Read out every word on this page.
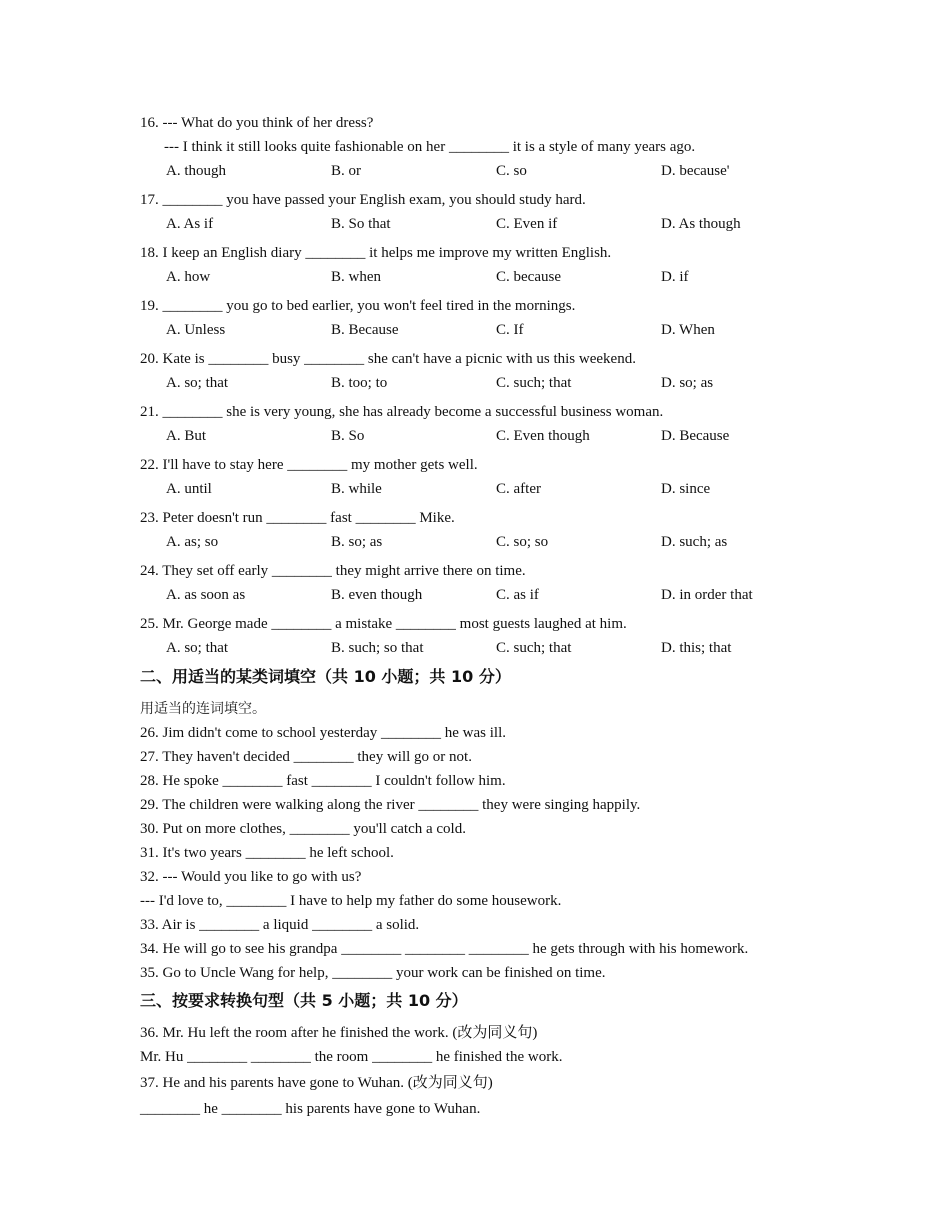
16. --- What do you think of her dress?
--- I think it still looks quite fashionable on her ________ it is a style of many years ago.
A. though	B. or	C. so	D. because'
17. ________ you have passed your English exam, you should study hard.
A. As if	B. So that	C. Even if	D. As though
18. I keep an English diary ________ it helps me improve my written English.
A. how	B. when	C. because	D. if
19. ________ you go to bed earlier, you won't feel tired in the mornings.
A. Unless	B. Because	C. If	D. When
20. Kate is ________ busy ________ she can't have a picnic with us this weekend.
A. so; that	B. too; to	C. such; that	D. so; as
21. ________ she is very young, she has already become a successful business woman.
A. But	B. So	C. Even though	D. Because
22. I'll have to stay here ________ my mother gets well.
A. until	B. while	C. after	D. since
23. Peter doesn't run ________ fast ________ Mike.
A. as; so	B. so; as	C. so; so	D. such; as
24. They set off early ________ they might arrive there on time.
A. as soon as	B. even though	C. as if	D. in order that
25. Mr. George made ________ a mistake ________ most guests laughed at him.
A. so; that	B. such; so that	C. such; that	D. this; that
二、用适当的某类词填空（共 10 小题；共 10 分）
用适当的连词填空。
26. Jim didn't come to school yesterday ________ he was ill.
27. They haven't decided ________ they will go or not.
28. He spoke ________ fast ________ I couldn't follow him.
29. The children were walking along the river ________ they were singing happily.
30. Put on more clothes, ________ you'll catch a cold.
31. It's two years ________ he left school.
32. --- Would you like to go with us?
--- I'd love to, ________ I have to help my father do some housework.
33. Air is ________ a liquid ________ a solid.
34. He will go to see his grandpa ________ ________ ________ he gets through with his homework.
35. Go to Uncle Wang for help, ________ your work can be finished on time.
三、按要求转换句型（共 5 小题；共 10 分）
36. Mr. Hu left the room after he finished the work. (改为同义句)
Mr. Hu ________ ________ the room ________ he finished the work.
37. He and his parents have gone to Wuhan. (改为同义句)
________ he ________ his parents have gone to Wuhan.
